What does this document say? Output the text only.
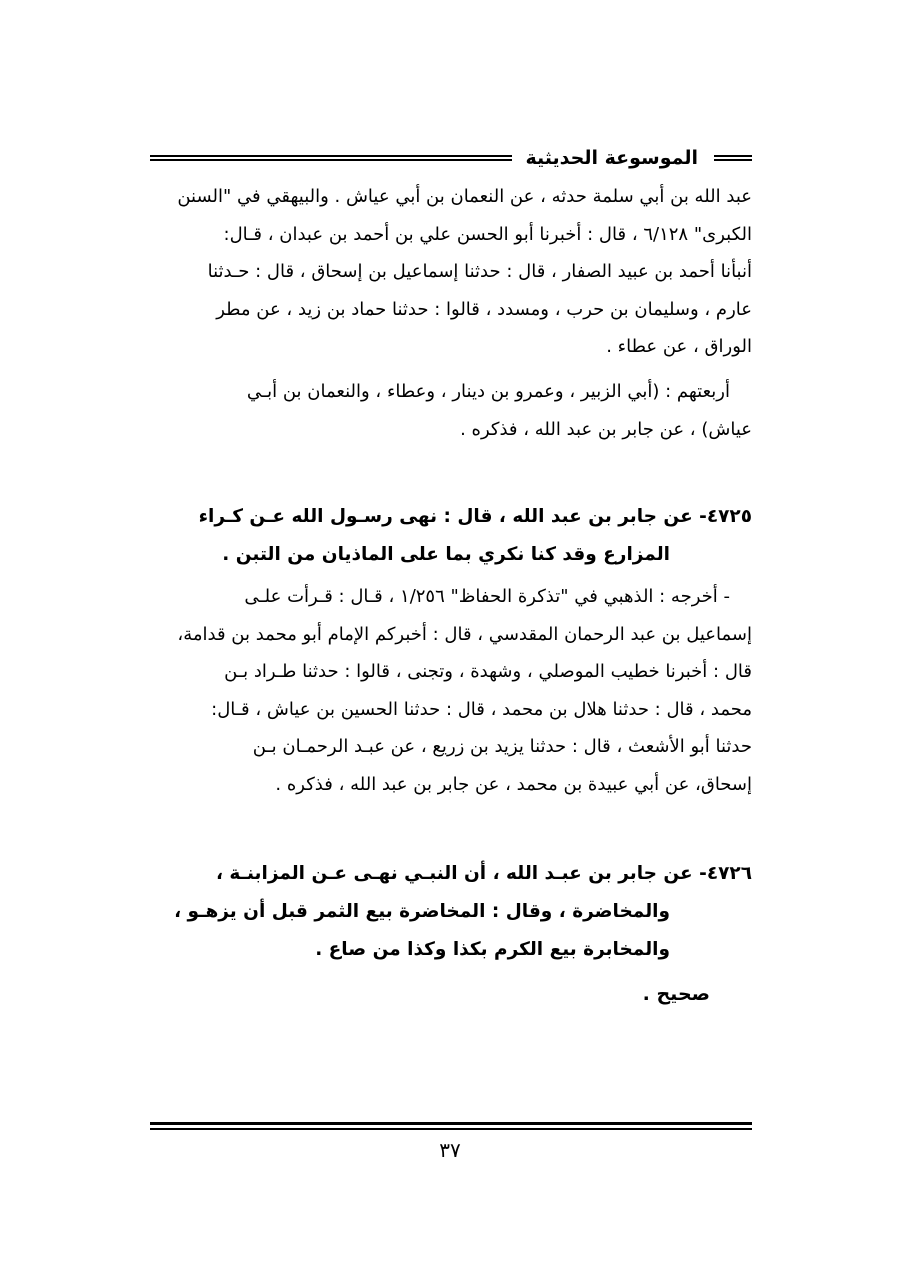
الموسوعة الحديثية
عبد الله بن أبي سلمة حدثه ، عن النعمان بن أبي عياش . والبيهقي في "السنن
الكبرى" ٦/١٢٨ ، قال : أخبرنا أبو الحسن علي بن أحمد بن عبدان ، قـال:
أنبأنا أحمد بن عبيد الصفار ، قال : حدثنا إسماعيل بن إسحاق ، قال : حـدثنا
عارم ، وسليمان بن حرب ، ومسدد ، قالوا : حدثنا حماد بن زيد ، عن مطر
الوراق ، عن عطاء .
أربعتهم : (أبي الزبير ، وعمرو بن دينار ، وعطاء ، والنعمان بن أبـي
عياش) ، عن جابر بن عبد الله ، فذكره .
٤٧٢٥- عن جابر بن عبد الله ، قال : نهى رسـول الله عـن كـراء
المزارع وقد كنا نكري بما على الماذيان من التبن .
- أخرجه : الذهبي في "تذكرة الحفاظ" ١/٢٥٦ ، قـال : قـرأت علـى
إسماعيل بن عبد الرحمان المقدسي ، قال : أخبركم الإمام أبو محمد بن قدامة،
قال : أخبرنا خطيب الموصلي ، وشهدة ، وتجنى ، قالوا : حدثنا طـراد بـن
محمد ، قال : حدثنا هلال بن محمد ، قال : حدثنا الحسين بن عياش ، قـال:
حدثنا أبو الأشعث ، قال : حدثنا يزيد بن زريع ، عن عبـد الرحمـان بـن
إسحاق، عن أبي عبيدة بن محمد ، عن جابر بن عبد الله ، فذكره .
٤٧٢٦- عن جابر بن عبـد الله ، أن النبـي نهـى عـن المزابنـة ،
والمخاضرة ، وقال : المخاضرة بيع الثمر قبل أن يزهـو ،
والمخابرة بيع الكرم بكذا وكذا من صاع .
صحيح .
٣٧
